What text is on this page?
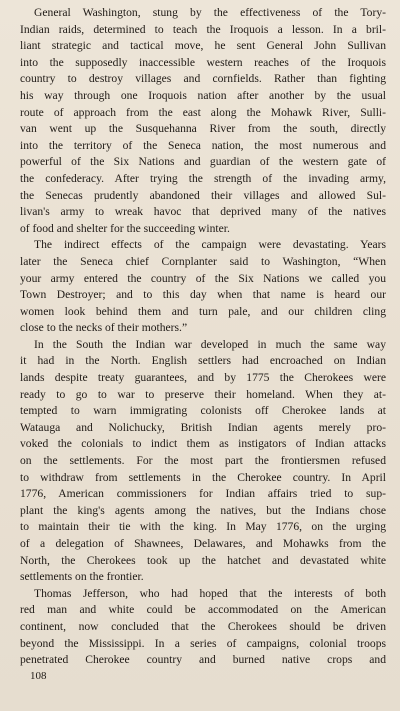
General Washington, stung by the effectiveness of the Tory-
Indian raids, determined to teach the Iroquois a lesson. In a bril-
liant strategic and tactical move, he sent General John Sullivan
into the supposedly inaccessible western reaches of the Iroquois
country to destroy villages and cornfields. Rather than fighting
his way through one Iroquois nation after another by the usual
route of approach from the east along the Mohawk River, Sulli-
van went up the Susquehanna River from the south, directly
into the territory of the Seneca nation, the most numerous and
powerful of the Six Nations and guardian of the western gate of
the confederacy. After trying the strength of the invading army,
the Senecas prudently abandoned their villages and allowed Sul-
livan's army to wreak havoc that deprived many of the natives
of food and shelter for the succeeding winter.
The indirect effects of the campaign were devastating. Years
later the Seneca chief Cornplanter said to Washington, “When
your army entered the country of the Six Nations we called you
Town Destroyer; and to this day when that name is heard our
women look behind them and turn pale, and our children cling
close to the necks of their mothers.”
In the South the Indian war developed in much the same way
it had in the North. English settlers had encroached on Indian
lands despite treaty guarantees, and by 1775 the Cherokees were
ready to go to war to preserve their homeland. When they at-
tempted to warn immigrating colonists off Cherokee lands at
Watauga and Nolichucky, British Indian agents merely pro-
voked the colonials to indict them as instigators of Indian attacks
on the settlements. For the most part the frontiersmen refused
to withdraw from settlements in the Cherokee country. In April
1776, American commissioners for Indian affairs tried to sup-
plant the king's agents among the natives, but the Indians chose
to maintain their tie with the king. In May 1776, on the urging
of a delegation of Shawnees, Delawares, and Mohawks from the
North, the Cherokees took up the hatchet and devastated white
settlements on the frontier.
Thomas Jefferson, who had hoped that the interests of both
red man and white could be accommodated on the American
continent, now concluded that the Cherokees should be driven
beyond the Mississippi. In a series of campaigns, colonial troops
penetrated Cherokee country and burned native crops and
108
